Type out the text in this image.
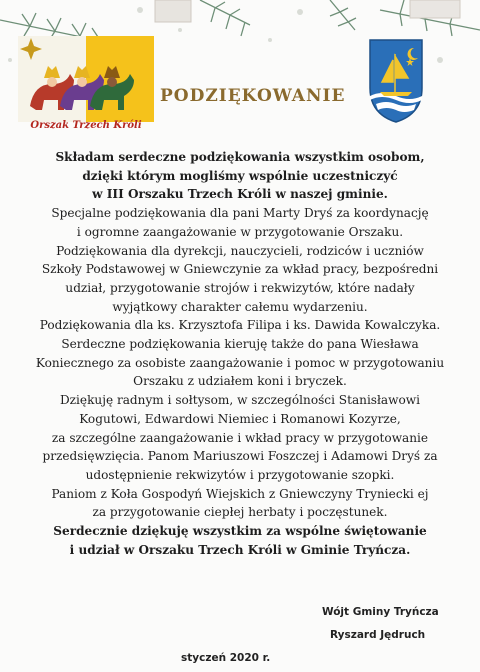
Orszak Trzech Króli
PODZIĘKOWANIE

Składam serdeczne podziękowania wszystkim osobom,

dzięki którym mogliśmy wspólnie uczestniczyć

w III Orszaku Trzech Króli w naszej gminie.

Specjalne podziękowania dla pani Marty Dryś za koordynację

i ogromne zaangażowanie w przygotowanie Orszaku.

Podziękowania dla dyrekcji, nauczycieli, rodziców i uczniów

Szkoły Podstawowej w Gniewczynie za wkład pracy, bezpośredni

udział, przygotowanie strojów i rekwizytów, które nadały

wyjątkowy charakter całemu wydarzeniu.

Podziękowania dla ks. Krzysztofa Filipa i ks. Dawida Kowalczyka.

Serdeczne podziękowania kieruję także do pana Wiesława

Koniecznego za osobiste zaangażowanie i pomoc w przygotowaniu

Orszaku z udziałem koni i bryczek.

Dziękuję radnym i sołtysom, w szczególności Stanisławowi

Kogutowi, Edwardowi Niemiec i Romanowi Kozyrze,

za szczególne zaangażowanie i wkład pracy w przygotowanie

przedsięwzięcia. Panom Mariuszowi Foszczej i Adamowi Dryś za

udostępnienie rekwizytów i przygotowanie szopki.

Paniom z Koła Gospodyń Wiejskich z Gniewczyny Tryniecki ej

za przygotowanie ciepłej herbaty i poczęstunek.

Serdecznie dziękuję wszystkim za wspólne świętowanie

i udział w Orszaku Trzech Króli w Gminie Tryńcza.

Wójt Gminy Tryńcza
Ryszard Jędruch
styczeń 2020 r.
